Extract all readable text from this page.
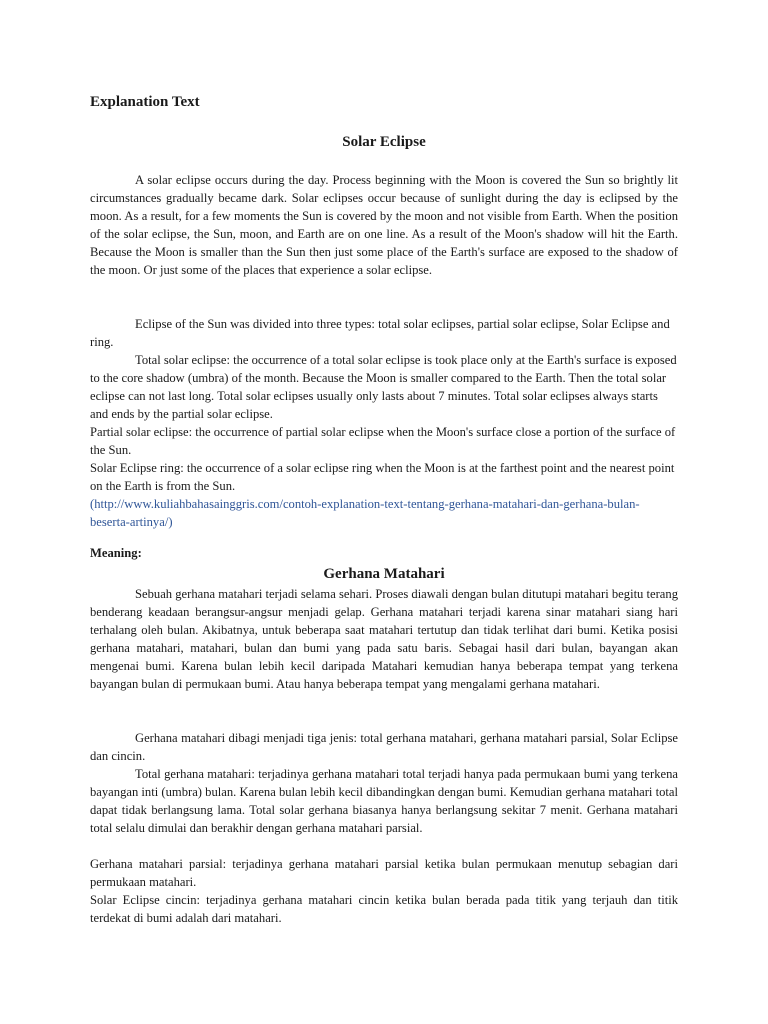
Explanation Text
Solar Eclipse

A solar eclipse occurs during the day. Process beginning with the Moon is covered the Sun so brightly lit circumstances gradually became dark. Solar eclipses occur because of sunlight during the day is eclipsed by the moon. As a result, for a few moments the Sun is covered by the moon and not visible from Earth. When the position of the solar eclipse, the Sun, moon, and Earth are on one line. As a result of the Moon's shadow will hit the Earth. Because the Moon is smaller than the Sun then just some place of the Earth's surface are exposed to the shadow of the moon. Or just some of the places that experience a solar eclipse.

Eclipse of the Sun was divided into three types: total solar eclipses, partial solar eclipse, Solar Eclipse and ring.

Total solar eclipse: the occurrence of a total solar eclipse is took place only at the Earth's surface is exposed to the core shadow (umbra) of the month. Because the Moon is smaller compared to the Earth. Then the total solar eclipse can not last long. Total solar eclipses usually only lasts about 7 minutes. Total solar eclipses always starts and ends by the partial solar eclipse.

Partial solar eclipse: the occurrence of partial solar eclipse when the Moon's surface close a portion of the surface of the Sun.

Solar Eclipse ring: the occurrence of a solar eclipse ring when the Moon is at the farthest point and the nearest point on the Earth is from the Sun.

(http://www.kuliahbahasainggris.com/contoh-explanation-text-tentang-gerhana-matahari-dan-gerhana-bulan-beserta-artinya/)

Meaning:
Gerhana Matahari

Sebuah gerhana matahari terjadi selama sehari. Proses diawali dengan bulan ditutupi matahari begitu terang benderang keadaan berangsur-angsur menjadi gelap. Gerhana matahari terjadi karena sinar matahari siang hari terhalang oleh bulan. Akibatnya, untuk beberapa saat matahari tertutup dan tidak terlihat dari bumi. Ketika posisi gerhana matahari, matahari, bulan dan bumi yang pada satu baris. Sebagai hasil dari bulan, bayangan akan mengenai bumi. Karena bulan lebih kecil daripada Matahari kemudian hanya beberapa tempat yang terkena bayangan bulan di permukaan bumi. Atau hanya beberapa tempat yang mengalami gerhana matahari.

Gerhana matahari dibagi menjadi tiga jenis: total gerhana matahari, gerhana matahari parsial, Solar Eclipse dan cincin.

Total gerhana matahari: terjadinya gerhana matahari total terjadi hanya pada permukaan bumi yang terkena bayangan inti (umbra) bulan. Karena bulan lebih kecil dibandingkan dengan bumi. Kemudian gerhana matahari total dapat tidak berlangsung lama. Total solar gerhana biasanya hanya berlangsung sekitar 7 menit. Gerhana matahari total selalu dimulai dan berakhir dengan gerhana matahari parsial.

Gerhana matahari parsial: terjadinya gerhana matahari parsial ketika bulan permukaan menutup sebagian dari permukaan matahari.

Solar Eclipse cincin: terjadinya gerhana matahari cincin ketika bulan berada pada titik yang terjauh dan titik terdekat di bumi adalah dari matahari.
